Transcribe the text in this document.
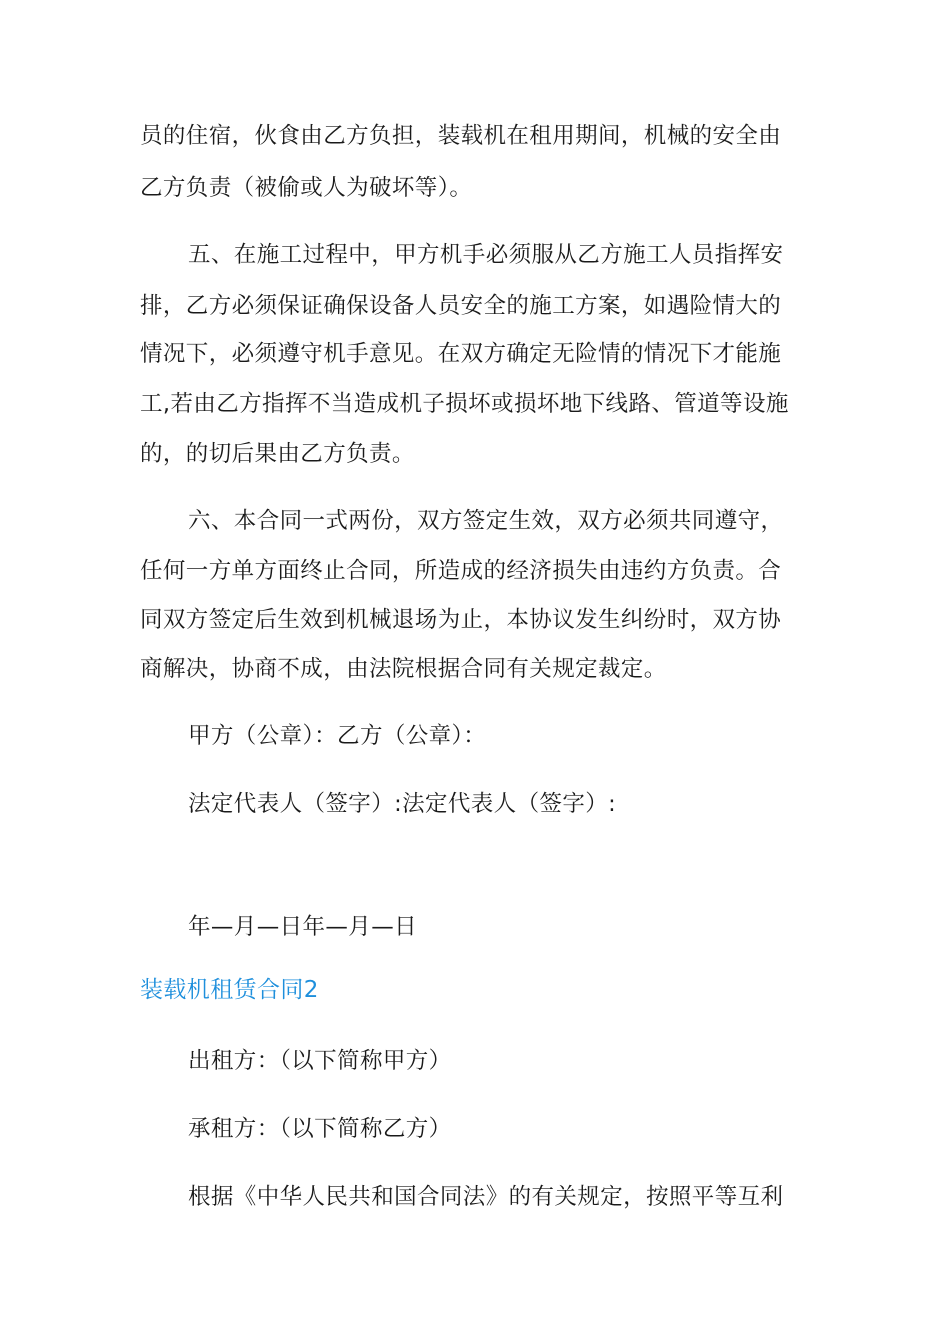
员的住宿，伙食由乙方负担，装载机在租用期间，机械的安全由
乙方负责（被偷或人为破坏等）。
五、在施工过程中，甲方机手必须服从乙方施工人员指挥安
排，乙方必须保证确保设备人员安全的施工方案，如遇险情大的
情况下，必须遵守机手意见。在双方确定无险情的情况下才能施
工,若由乙方指挥不当造成机子损坏或损坏地下线路、管道等设施
的，的切后果由乙方负责。
六、本合同一式两份，双方签定生效，双方必须共同遵守，
任何一方单方面终止合同，所造成的经济损失由违约方负责。合
同双方签定后生效到机械退场为止，本协议发生纠纷时，双方协
商解决，协商不成，由法院根据合同有关规定裁定。
甲方（公章）：乙方（公章）：
法定代表人（签字）:法定代表人（签字）:
年—月—日年—月—日
装载机租赁合同2
出租方：（以下简称甲方）
承租方：（以下简称乙方）
根据《中华人民共和国合同法》的有关规定，按照平等互利
